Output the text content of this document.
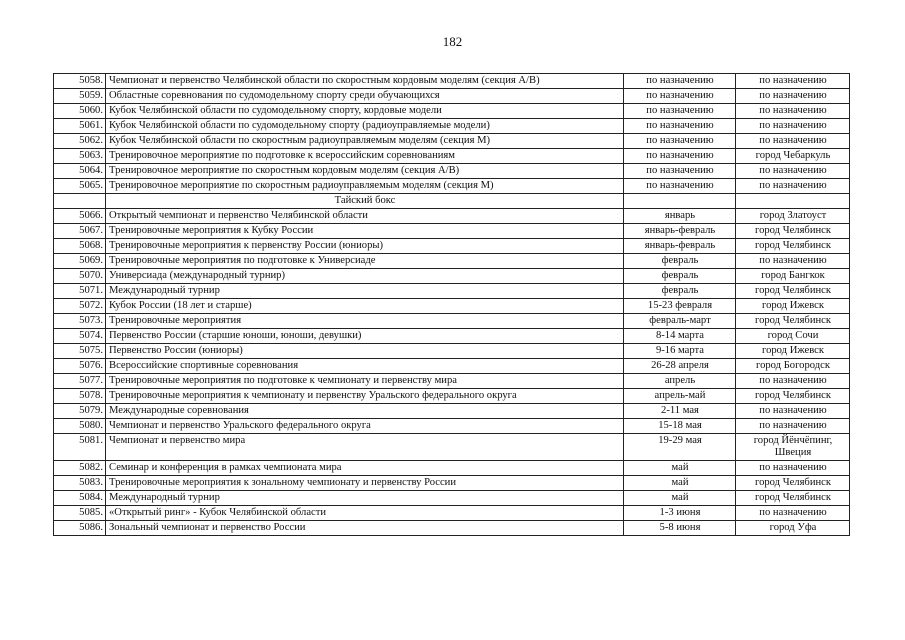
182
5058.	Чемпионат и первенство Челябинской области по скоростным кордовым моделям (секция А/В)	по назначению	по назначению
5059.	Областные соревнования по судомодельному спорту среди обучающихся	по назначению	по назначению
5060.	Кубок Челябинской области по судомодельному спорту, кордовые модели	по назначению	по назначению
5061.	Кубок Челябинской области по судомодельному спорту (радиоуправляемые модели)	по назначению	по назначению
5062.	Кубок Челябинской области по скоростным радиоуправляемым моделям (секция М)	по назначению	по назначению
5063.	Тренировочное мероприятие по подготовке к всероссийским соревнованиям	по назначению	город Чебаркуль
5064.	Тренировочное мероприятие по скоростным кордовым моделям (секция А/В)	по назначению	по назначению
5065.	Тренировочное мероприятие по скоростным радиоуправляемым моделям (секция М)	по назначению	по назначению
	Тайский бокс		
5066.	Открытый чемпионат и первенство Челябинской области	январь	город Златоуст
5067.	Тренировочные мероприятия к Кубку России	январь-февраль	город Челябинск
5068.	Тренировочные мероприятия к первенству России (юниоры)	январь-февраль	город Челябинск
5069.	Тренировочные мероприятия по подготовке к Универсиаде	февраль	по назначению
5070.	Универсиада (международный турнир)	февраль	город Бангкок
5071.	Международный турнир	февраль	город Челябинск
5072.	Кубок России (18 лет и старше)	15-23 февраля	город Ижевск
5073.	Тренировочные мероприятия	февраль-март	город Челябинск
5074.	Первенство России (старшие юноши, юноши, девушки)	8-14 марта	город Сочи
5075.	Первенство России (юниоры)	9-16 марта	город Ижевск
5076.	Всероссийские спортивные соревнования	26-28 апреля	город Богородск
5077.	Тренировочные мероприятия по подготовке к чемпионату и первенству мира	апрель	по назначению
5078.	Тренировочные мероприятия к чемпионату и первенству Уральского федерального округа	апрель-май	город Челябинск
5079.	Международные соревнования	2-11 мая	по назначению
5080.	Чемпионат и первенство Уральского федерального округа	15-18 мая	по назначению
5081.	Чемпионат и первенство мира	19-29 мая	город Йёнчёпинг, Швеция
5082.	Семинар и конференция в рамках чемпионата мира	май	по назначению
5083.	Тренировочные мероприятия к зональному чемпионату и первенству России	май	город Челябинск
5084.	Международный турнир	май	город Челябинск
5085.	«Открытый ринг» - Кубок Челябинской области	1-3 июня	по назначению
5086.	Зональный чемпионат и первенство России	5-8 июня	город Уфа
